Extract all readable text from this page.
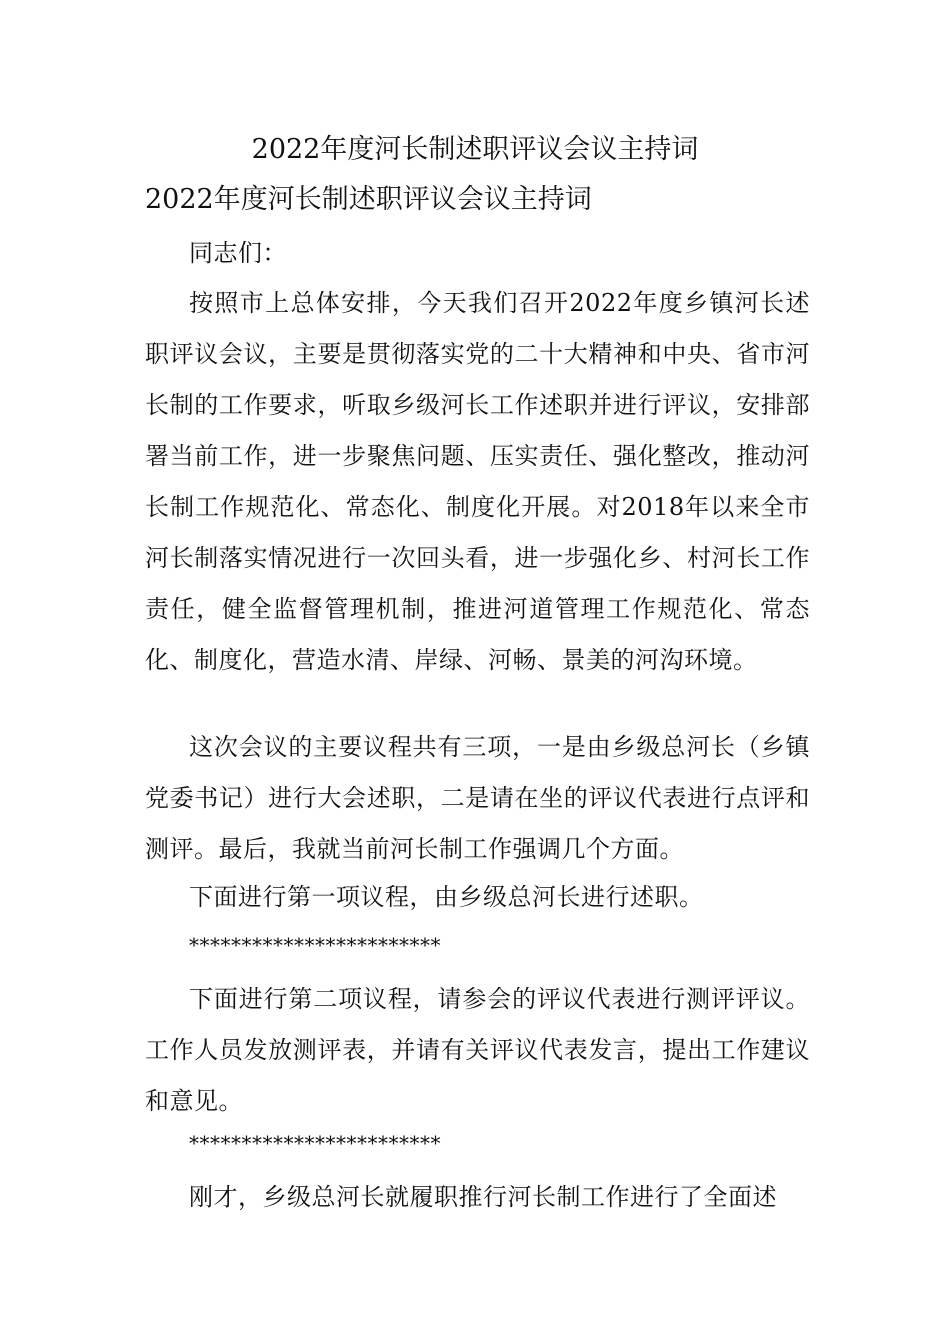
2022年度河长制述职评议会议主持词
2022年度河长制述职评议会议主持词

同志们：

按照市上总体安排，今天我们召开2022年度乡镇河长述职评议会议，主要是贯彻落实党的二十大精神和中央、省市河长制的工作要求，听取乡级河长工作述职并进行评议，安排部署当前工作，进一步聚焦问题、压实责任、强化整改，推动河长制工作规范化、常态化、制度化开展。对2018年以来全市河长制落实情况进行一次回头看，进一步强化乡、村河长工作责任，健全监督管理机制，推进河道管理工作规范化、常态化、制度化，营造水清、岸绿、河畅、景美的河沟环境。

这次会议的主要议程共有三项，一是由乡级总河长（乡镇党委书记）进行大会述职，二是请在坐的评议代表进行点评和测评。最后，我就当前河长制工作强调几个方面。

下面进行第一项议程，由乡级总河长进行述职。

************************

下面进行第二项议程，请参会的评议代表进行测评评议。工作人员发放测评表，并请有关评议代表发言，提出工作建议和意见。

************************

刚才，乡级总河长就履职推行河长制工作进行了全面述
